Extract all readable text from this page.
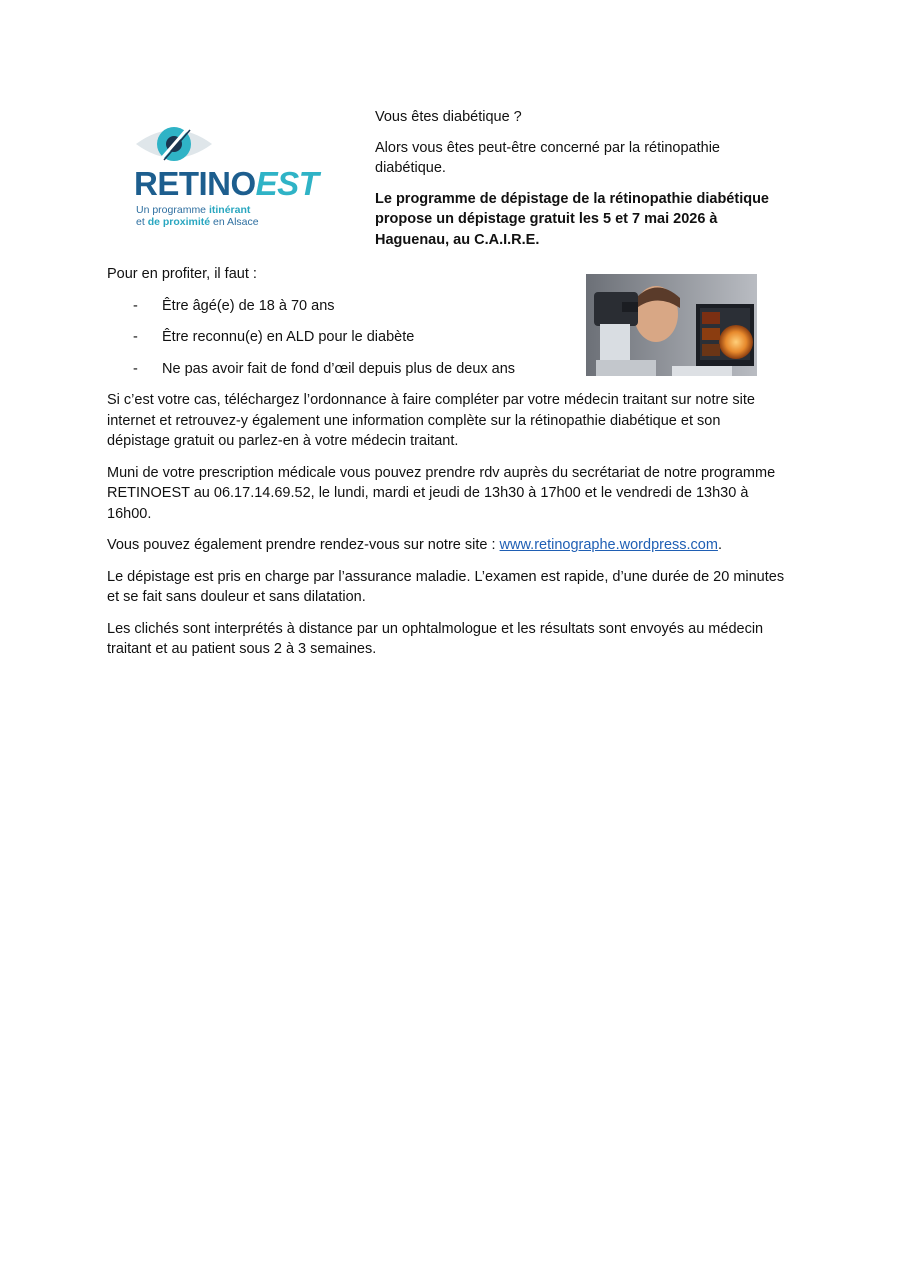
RETINOEST
Un programme itinérant
et de proximité en Alsace

Vous êtes diabétique ?

Alors vous êtes peut-être concerné par la rétinopathie diabétique.

Le programme de dépistage de la rétinopathie diabétique propose un dépistage gratuit les 5 et 7 mai 2026 à Haguenau, au C.A.I.R.E.

Pour en profiter, il faut :

- Être âgé(e) de 18 à 70 ans
- Être reconnu(e) en ALD pour le diabète
- Ne pas avoir fait de fond d’œil depuis plus de deux ans

Si c’est votre cas, téléchargez l’ordonnance à faire compléter par votre médecin traitant sur notre site internet et retrouvez-y également une information complète sur la rétinopathie diabétique et son dépistage gratuit ou parlez-en à votre médecin traitant.

Muni de votre prescription médicale vous pouvez prendre rdv auprès du secrétariat de notre programme RETINOEST au 06.17.14.69.52, le lundi, mardi et jeudi de 13h30 à 17h00 et le vendredi de 13h30 à 16h00.

Vous pouvez également prendre rendez-vous sur notre site : www.retinographe.wordpress.com.

Le dépistage est pris en charge par l’assurance maladie. L’examen est rapide, d’une durée de 20 minutes et se fait sans douleur et sans dilatation.

Les clichés sont interprétés à distance par un ophtalmologue et les résultats sont envoyés au médecin traitant et au patient sous 2 à 3 semaines.
